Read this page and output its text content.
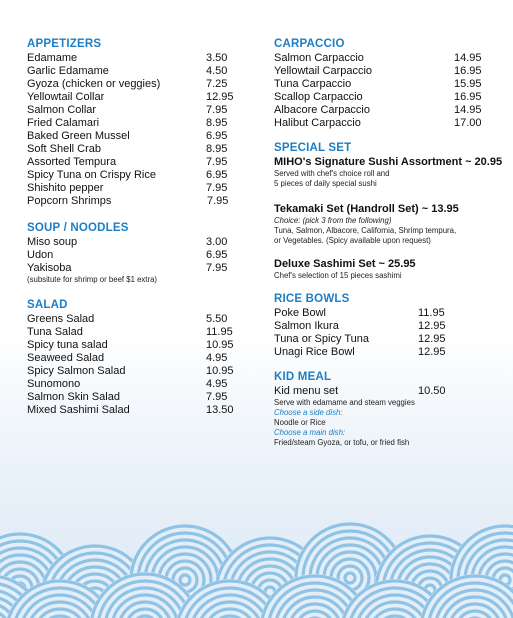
APPETIZERS
Edamame	3.50
Garlic Edamame	4.50
Gyoza (chicken or veggies)	7.25
Yellowtail Collar	12.95
Salmon Collar	7.95
Fried Calamari	8.95
Baked Green Mussel	6.95
Soft Shell Crab	8.95
Assorted Tempura	7.95
Spicy Tuna on Crispy Rice	6.95
Shishito pepper	7.95
Popcorn Shrimps	7.95
SOUP / NOODLES
Miso soup	3.00
Udon	6.95
Yakisoba	7.95
(subsitute for shrimp or beef $1 extra)
SALAD
Greens Salad	5.50
Tuna Salad	11.95
Spicy tuna salad	10.95
Seaweed Salad	4.95
Spicy Salmon Salad	10.95
Sunomono	4.95
Salmon Skin Salad	7.95
Mixed Sashimi Salad	13.50
CARPACCIO
Salmon Carpaccio	14.95
Yellowtail Carpaccio	16.95
Tuna Carpaccio	15.95
Scallop Carpaccio	16.95
Albacore Carpaccio	14.95
Halibut Carpaccio	17.00
SPECIAL SET
MIHO's Signature Sushi Assortment ~ 20.95
Served with chef's choice roll and
5 pieces of daily special sushi
Tekamaki Set (Handroll Set) ~ 13.95
Choice: (pick 3 from the following)
Tuna, Salmon, Albacore, California, Shrimp tempura,
or Vegetables. (Spicy available upon request)
Deluxe Sashimi Set ~ 25.95
Chef's selection of 15 pieces sashimi
RICE BOWLS
Poke Bowl	11.95
Salmon Ikura	12.95
Tuna or Spicy Tuna	12.95
Unagi Rice Bowl	12.95
KID MEAL
Kid menu set	10.50
Serve with edamame and steam veggies
Choose a side dish:
Noodle or Rice
Choose a main dish:
Fried/steam Gyoza, or tofu, or fried fish
